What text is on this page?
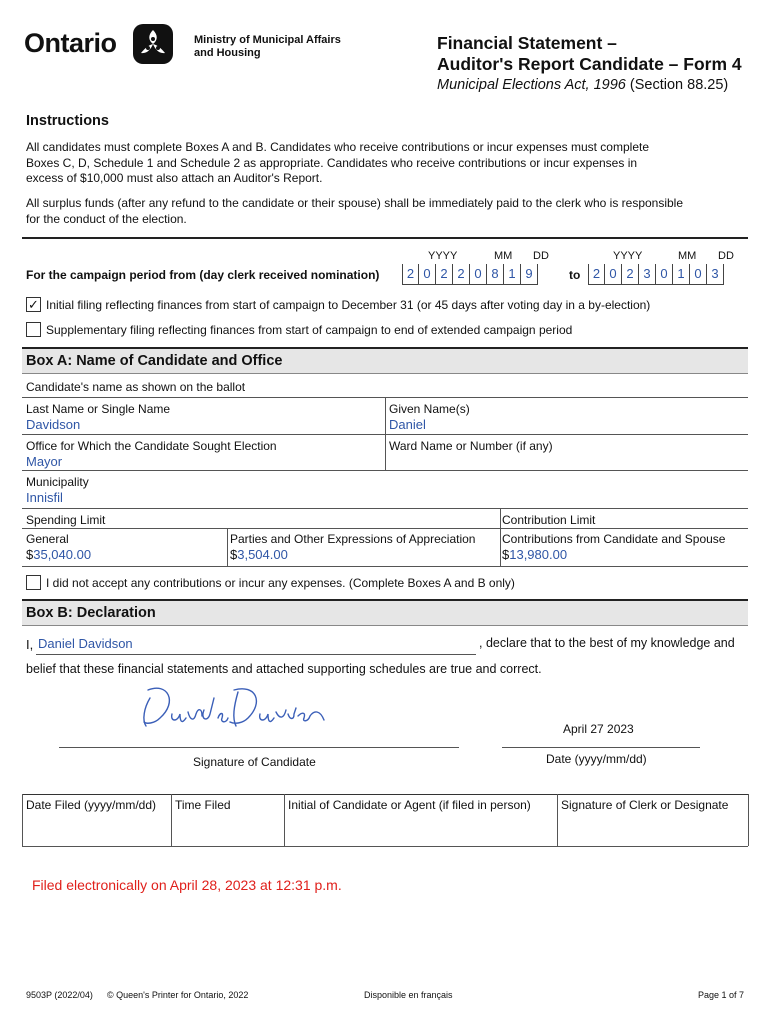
Ontario	Ministry of Municipal Affairs
and Housing	Financial Statement –
Auditor's Report Candidate – Form 4
Municipal Elections Act, 1996 (Section 88.25)
Instructions
All candidates must complete Boxes A and B. Candidates who receive contributions or incur expenses must complete
Boxes C, D, Schedule 1 and Schedule 2 as appropriate. Candidates who receive contributions or incur expenses in
excess of $10,000 must also attach an Auditor's Report.
All surplus funds (after any refund to the candidate or their spouse) shall be immediately paid to the clerk who is responsible
for the conduct of the election.
YYYY	MM DD	YYYY	MM DD
For the campaign period from (day clerk received nomination)	2 0 2 2 0 8 1 9	to 2 0 2 3 0 1 0 3
✓ Initial filing reflecting finances from start of campaign to December 31 (or 45 days after voting day in a by-election)
Supplementary filing reflecting finances from start of campaign to end of extended campaign period
Box A: Name of Candidate and Office
Candidate's name as shown on the ballot
Last Name or Single Name
Davidson
Given Name(s)
Daniel
Office for Which the Candidate Sought Election
Mayor
Ward Name or Number (if any)
Municipality
Innisfil
Spending Limit	Contribution Limit
General
$35,040.00
Parties and Other Expressions of Appreciation
$3,504.00
Contributions from Candidate and Spouse
$13,980.00
I did not accept any contributions or incur any expenses. (Complete Boxes A and B only)
Box B: Declaration
I, Daniel Davidson	, declare that to the best of my knowledge and
belief that these financial statements and attached supporting schedules are true and correct.
Signature of Candidate
April 27 2023
Date (yyyy/mm/dd)
Date Filed (yyyy/mm/dd) Time Filed	Initial of Candidate or Agent (if filed in person)	Signature of Clerk or Designate
Filed electronically on April 28, 2023 at 12:31 p.m.
9503P (2022/04) © Queen's Printer for Ontario, 2022	Disponible en français	Page 1 of 7
